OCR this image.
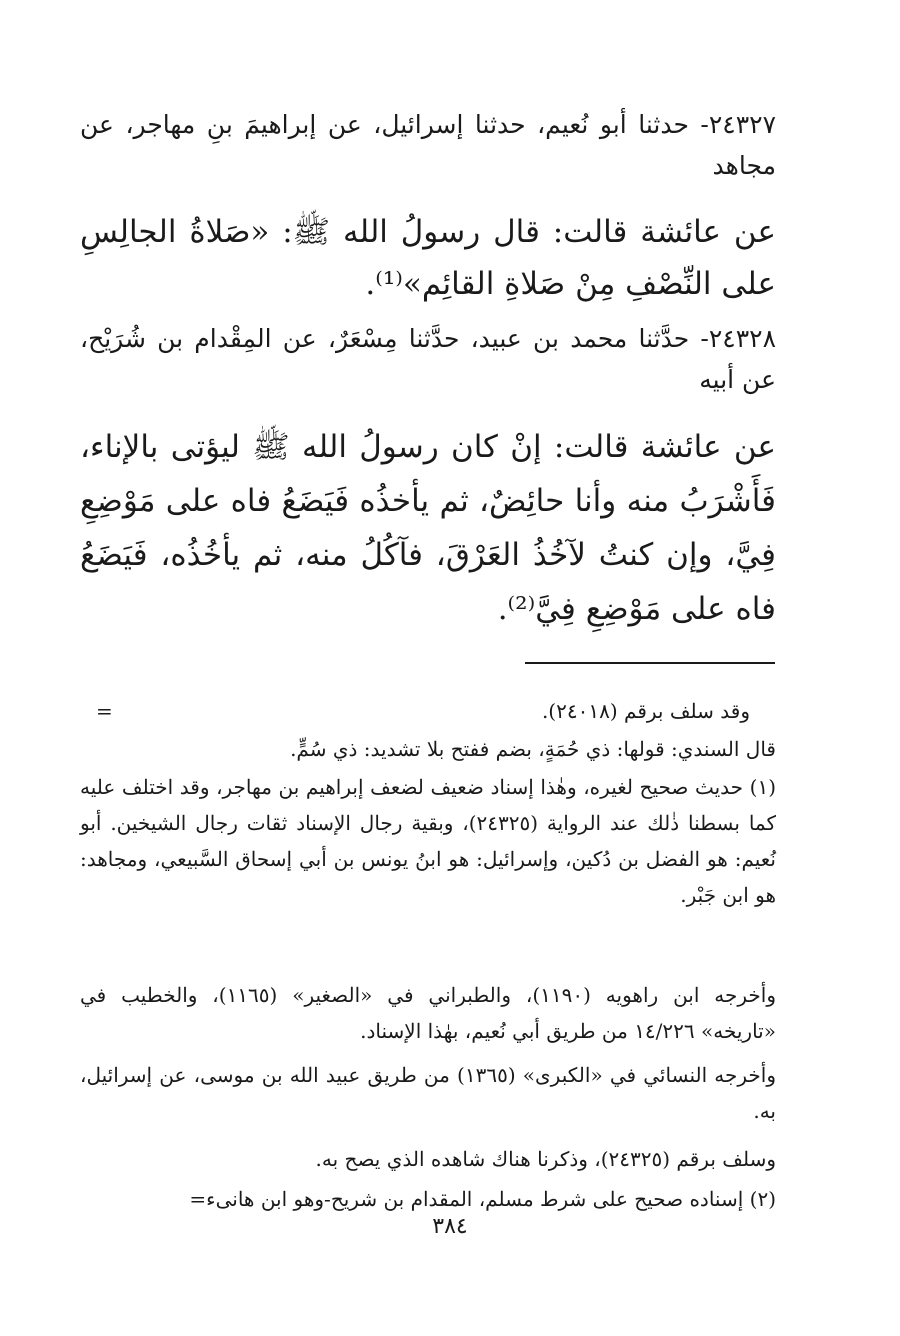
٢٤٣٢٧- حدثنا أبو نُعيم، حدثنا إسرائيل، عن إبراهيمَ بنِ مهاجر، عن مجاهد

عن عائشة قالت: قال رسولُ الله ﷺ: «صَلاةُ الجالِسِ على النِّصْفِ مِنْ صَلاةِ القائِم»⁽¹⁾.

٢٤٣٢٨- حدَّثنا محمد بن عبيد، حدَّثنا مِسْعَرٌ، عن المِقْدام بن شُرَيْح، عن أبيه

عن عائشة قالت: إنْ كان رسولُ الله ﷺ ليؤتى بالإناء، فَأَشْرَبُ منه وأنا حائِضٌ، ثم يأخذُه فَيَضَعُ فاه على مَوْضِعِ فِيَّ، وإن كنتُ لآخُذُ العَرْقَ، فآكُلُ منه، ثم يأخُذُه، فَيَضَعُ فاه على مَوْضِعِ فِيَّ⁽²⁾.

=	وقد سلف برقم (٢٤٠١٨).

قال السندي: قولها: ذي حُمَةٍ، بضم ففتح بلا تشديد: ذي سُمٍّ.

(١) حديث صحيح لغيره، وهٰذا إسناد ضعيف لضعف إبراهيم بن مهاجر، وقد اختلف عليه كما بسطنا ذٰلك عند الرواية (٢٤٣٢٥)، وبقية رجال الإسناد ثقات رجال الشيخين. أبو نُعيم: هو الفضل بن دُكين، وإسرائيل: هو ابنُ يونس بن أبي إسحاق السَّبيعي، ومجاهد: هو ابن جَبْر.

وأخرجه ابن راهويه (١١٩٠)، والطبراني في «الصغير» (١١٦٥)، والخطيب في «تاريخه» ١٤/٢٢٦ من طريق أبي نُعيم، بهٰذا الإسناد.

وأخرجه النسائي في «الكبرى» (١٣٦٥) من طريق عبيد الله بن موسى، عن إسرائيل، به.

وسلف برقم (٢٤٣٢٥)، وذكرنا هناك شاهده الذي يصح به.

(٢) إسناده صحيح على شرط مسلم، المقدام بن شريح-وهو ابن هانىء=

٣٨٤
